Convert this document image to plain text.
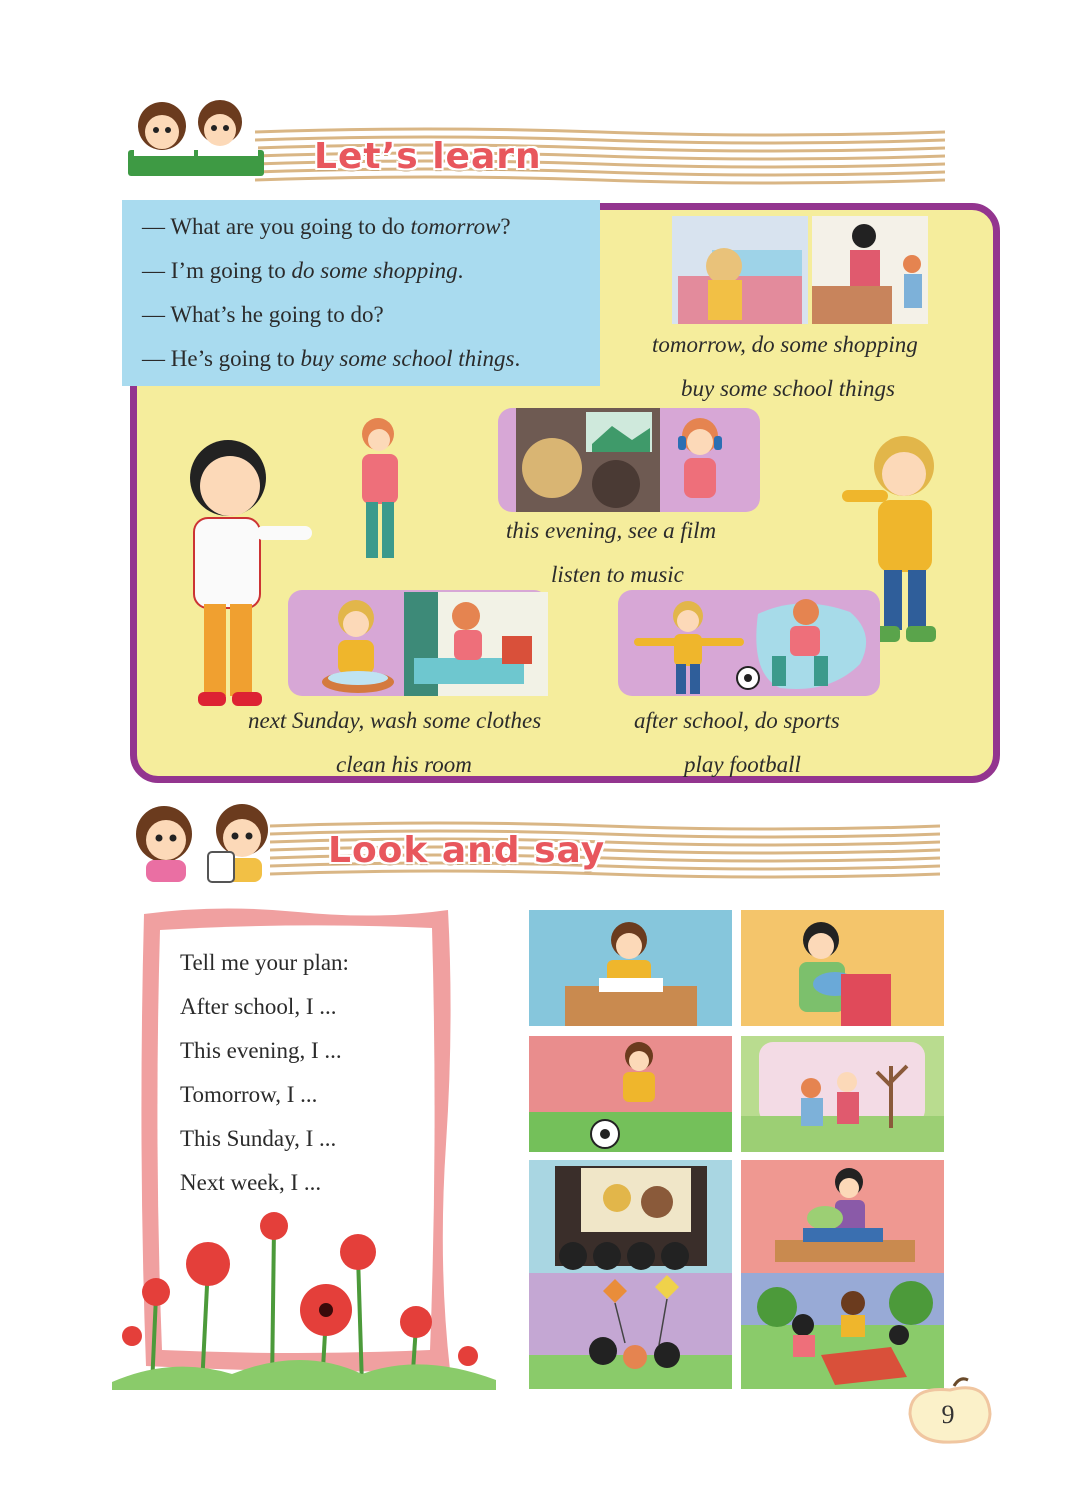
Let’s learn
— What are you going to do tomorrow?
— I’m going to do some shopping.
— What’s he going to do?
— He’s going to buy some school things.
tomorrow, do some shopping
buy some school things
this evening, see a film
listen to music
next Sunday, wash some clothes
clean his room
after school, do sports
play football
Look and say
Tell me your plan:
After school, I ...
This evening, I ...
Tomorrow, I ...
This Sunday, I ...
Next week, I ...
9
